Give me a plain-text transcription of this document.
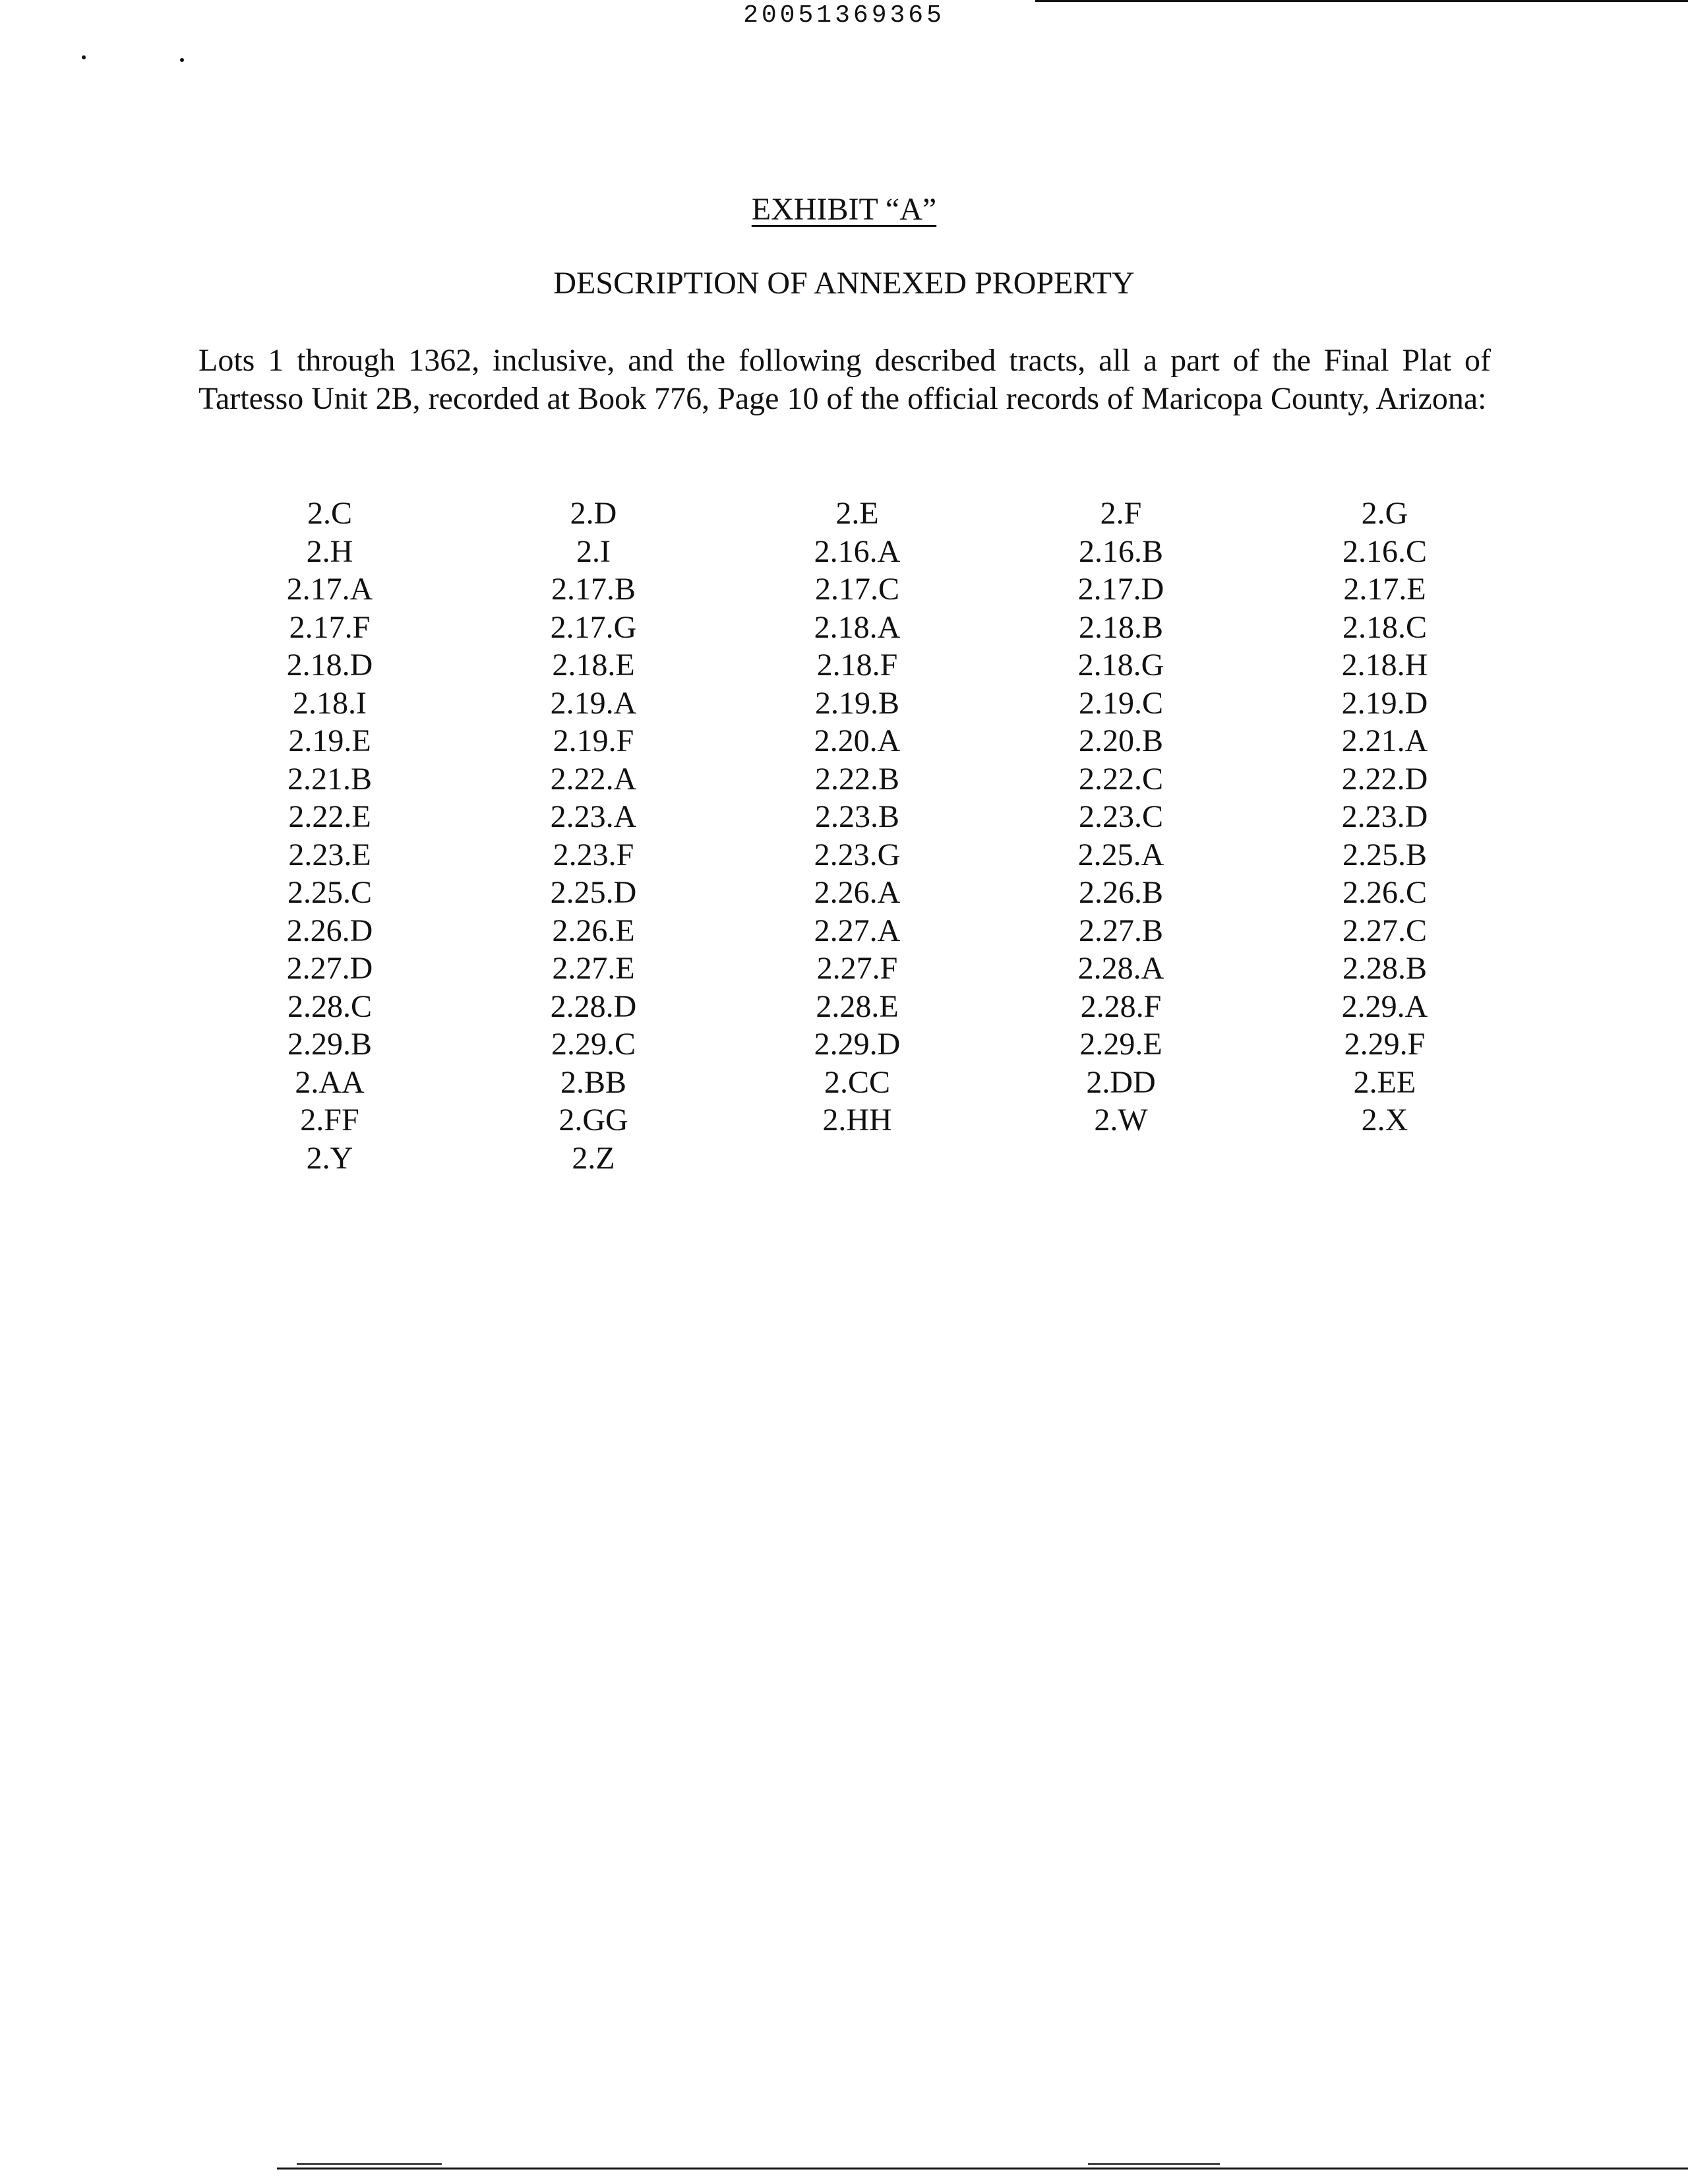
20051369365
EXHIBIT “A”
DESCRIPTION OF ANNEXED PROPERTY
Lots 1 through 1362, inclusive, and the following described tracts, all a part of the Final Plat of Tartesso Unit 2B, recorded at Book 776, Page 10 of the official records of Maricopa County, Arizona:
2.C	2.D	2.E	2.F	2.G
2.H	2.I	2.16.A	2.16.B	2.16.C
2.17.A	2.17.B	2.17.C	2.17.D	2.17.E
2.17.F	2.17.G	2.18.A	2.18.B	2.18.C
2.18.D	2.18.E	2.18.F	2.18.G	2.18.H
2.18.I	2.19.A	2.19.B	2.19.C	2.19.D
2.19.E	2.19.F	2.20.A	2.20.B	2.21.A
2.21.B	2.22.A	2.22.B	2.22.C	2.22.D
2.22.E	2.23.A	2.23.B	2.23.C	2.23.D
2.23.E	2.23.F	2.23.G	2.25.A	2.25.B
2.25.C	2.25.D	2.26.A	2.26.B	2.26.C
2.26.D	2.26.E	2.27.A	2.27.B	2.27.C
2.27.D	2.27.E	2.27.F	2.28.A	2.28.B
2.28.C	2.28.D	2.28.E	2.28.F	2.29.A
2.29.B	2.29.C	2.29.D	2.29.E	2.29.F
2.AA	2.BB	2.CC	2.DD	2.EE
2.FF	2.GG	2.HH	2.W	2.X
2.Y	2.Z
